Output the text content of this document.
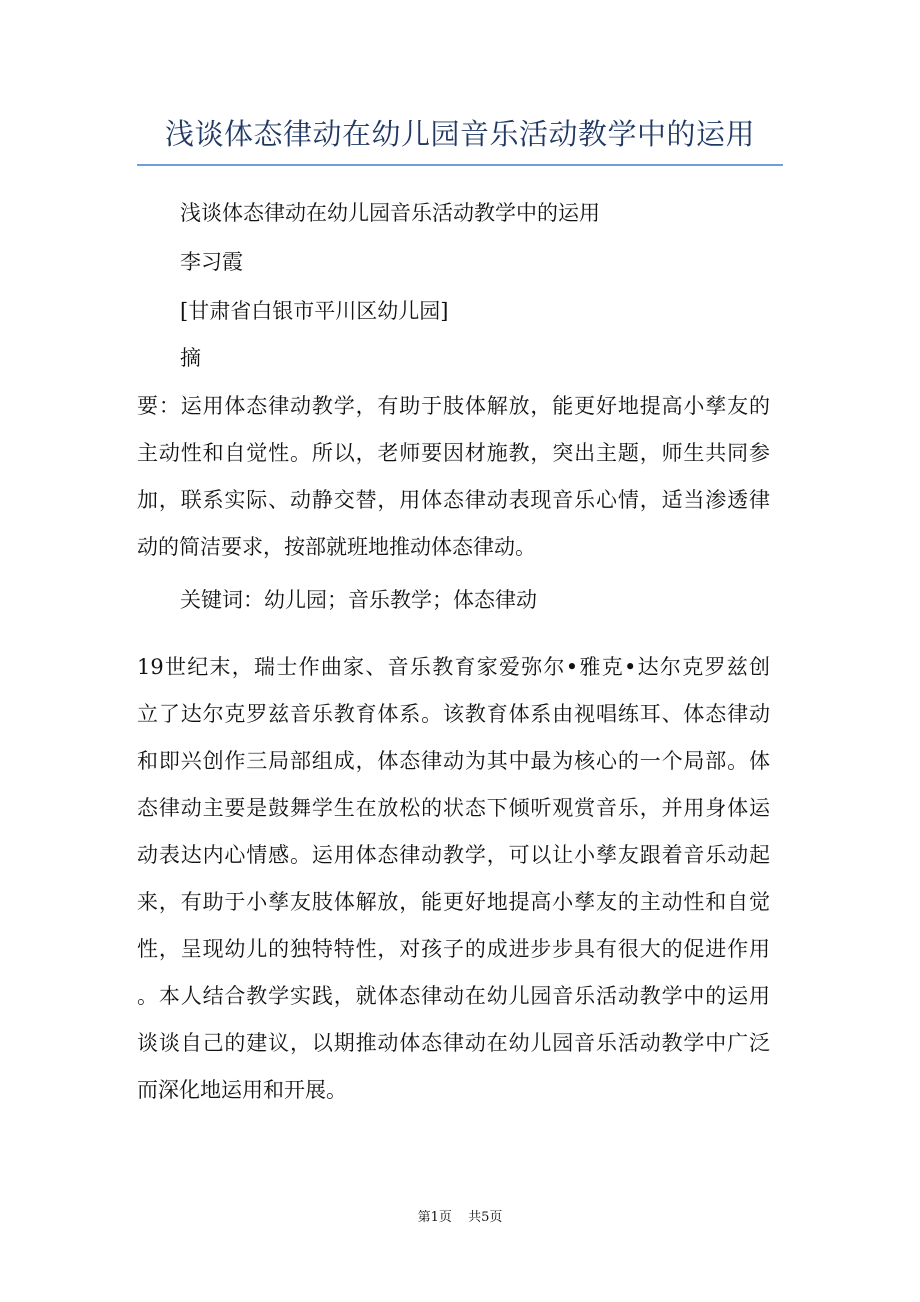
浅谈体态律动在幼儿园音乐活动教学中的运用
浅谈体态律动在幼儿园音乐活动教学中的运用
李习霞
[甘肃省白银市平川区幼儿园]
摘
要：运用体态律动教学，有助于肢体解放，能更好地提高小孳友的
主动性和自觉性。所以，老师要因材施教，突出主题，师生共同参
加，联系实际、动静交替，用体态律动表现音乐心情，适当渗透律
动的简洁要求，按部就班地推动体态律动。
关键词：幼儿园；音乐教学；体态律动
19世纪末，瑞士作曲家、音乐教育家爱弥尔•雅克•达尔克罗兹创
立了达尔克罗兹音乐教育体系。该教育体系由视唱练耳、体态律动
和即兴创作三局部组成，体态律动为其中最为核心的一个局部。体
态律动主要是鼓舞学生在放松的状态下倾听观赏音乐，并用身体运
动表达内心情感。运用体态律动教学，可以让小孳友跟着音乐动起
来，有助于小孳友肢体解放，能更好地提高小孳友的主动性和自觉
性，呈现幼儿的独特特性，对孩子的成进步步具有很大的促进作用
。本人结合教学实践，就体态律动在幼儿园音乐活动教学中的运用
谈谈自己的建议，以期推动体态律动在幼儿园音乐活动教学中广泛
而深化地运用和开展。
第1页 共5页
